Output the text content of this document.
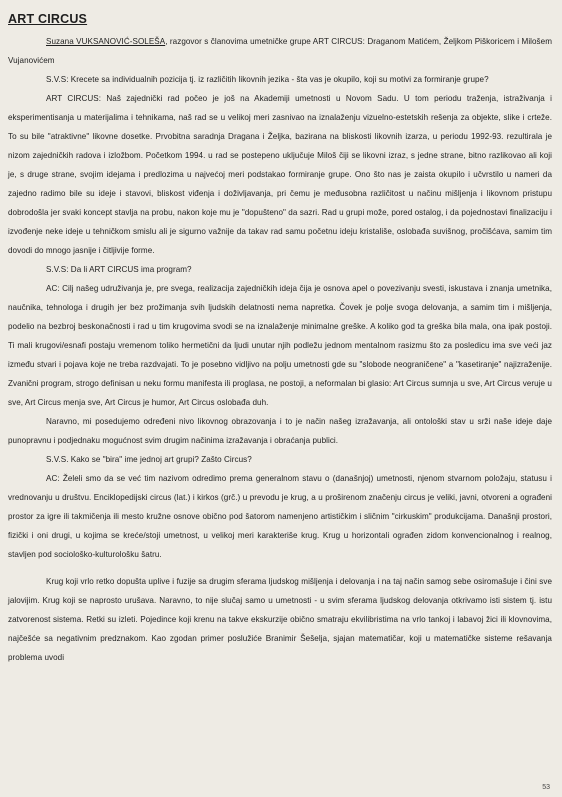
ART CIRCUS

Suzana VUKSANOVIĆ-SOLEŠA, razgovor s članovima umetničke grupe ART CIRCUS: Draganom Matićem, Željkom Piškoricem i Milošem Vujanovićem

S.V.S: Krecete sa individualnih pozicija tj. iz različitih likovnih jezika - šta vas je okupilo, koji su motivi za formiranje grupe?

ART CIRCUS: Naš zajednički rad počeo je još na Akademiji umetnosti u Novom Sadu. U tom periodu traženja, istraživanja i eksperimentisanja u materijalima i tehnikama, naš rad se u velikoj meri zasnivao na iznalaženju vizuelno-estetskih rešenja za objekte, slike i crteže. To su bile "atraktivne" likovne dosetke. Prvobitna saradnja Dragana i Željka, bazirana na bliskosti likovnih izarza, u periodu 1992-93. rezultirala je nizom zajedničkih radova i izložbom. Početkom 1994. u rad se postepeno uključuje Miloš čiji se likovni izraz, s jedne strane, bitno razlikovao ali koji je, s druge strane, svojim idejama i predlozima u najvećoj meri podstakao formiranje grupe. Ono što nas je zaista okupilo i učvrstilo u nameri da zajedno radimo bile su ideje i stavovi, bliskost viđenja i doživljavanja, pri čemu je međusobna različitost u načinu mišljenja i likovnom pristupu dobrodošla jer svaki koncept stavlja na probu, nakon koje mu je "dopušteno" da sazri. Rad u grupi može, pored ostalog, i da pojednostavi finalizaciju i izvođenje neke ideje u tehničkom smislu ali je sigurno važnije da takav rad samu početnu ideju kristališe, oslobađa suvišnog, pročišćava, samim tim dovodi do mnogo jasnije i čitljivije forme.

S.V.S: Da li ART CIRCUS ima program?

AC: Cilj našeg udruživanja je, pre svega, realizacija zajedničkih ideja čija je osnova apel o povezivanju svesti, iskustava i znanja umetnika, naučnika, tehnologa i drugih jer bez prožimanja svih ljudskih delatnosti nema napretka. Čovek je polje svoga delovanja, a samim tim i mišljenja, podelio na bezbroj beskonačnosti i rad u tim krugovima svodi se na iznalaženje minimalne greške. A koliko god ta greška bila mala, ona ipak postoji. Ti mali krugovi/esnafi postaju vremenom toliko hermetični da ljudi unutar njih podležu jednom mentalnom rasizmu što za posledicu ima sve veći jaz između stvari i pojava koje ne treba razdvajati. To je posebno vidljivo na polju umetnosti gde su "slobode neograničene" a "kasetiranje" najizraženije. Zvanični program, strogo definisan u neku formu manifesta ili proglasa, ne postoji, a neformalan bi glasio: Art Circus sumnja u sve, Art Circus veruje u sve, Art Circus menja sve, Art Circus je humor, Art Circus oslobađa duh.

Naravno, mi posedujemo određeni nivo likovnog obrazovanja i to je način našeg izražavanja, ali ontološki stav u srži naše ideje daje punopravnu i podjednaku mogućnost svim drugim načinima izražavanja i obraćanja publici.

S.V.S. Kako se "bira" ime jednoj art grupi? Zašto Circus?

AC: Želeli smo da se već tim nazivom odredimo prema generalnom stavu o (današnjoj) umetnosti, njenom stvarnom položaju, statusu i vrednovanju u društvu. Enciklopedijski circus (lat.) i kirkos (grč.) u prevodu je krug, a u proširenom značenju circus je veliki, javni, otvoreni a ograđeni prostor za igre ili takmičenja ili mesto kružne osnove obično pod šatorom namenjeno artističkim i sličnim "cirkuskim" produkcijama. Današnji prostori, fizički i oni drugi, u kojima se kreće/stoji umetnost, u velikoj meri karakteriše krug. Krug u horizontali ograđen zidom konvencionalnog i realnog, stavljen pod sociološko-kulturološku šatru.

Krug koji vrlo retko dopušta uplive i fuzije sa drugim sferama ljudskog mišljenja i delovanja i na taj način samog sebe osiromašuje i čini sve jalovijim. Krug koji se naprosto urušava. Naravno, to nije slučaj samo u umetnosti - u svim sferama ljudskog delovanja otkrivamo isti sistem tj. istu zatvorenost sistema. Retki su izleti. Pojedince koji krenu na takve ekskurzije obično smatraju ekvilibristima na vrlo tankoj i labavoj žici ili klovnovima, najčešće sa negativnim predznakom. Kao zgodan primer poslužiće Branimir Šešelja, sjajan matematičar, koji u matematičke sisteme rešavanja problema uvodi

53
